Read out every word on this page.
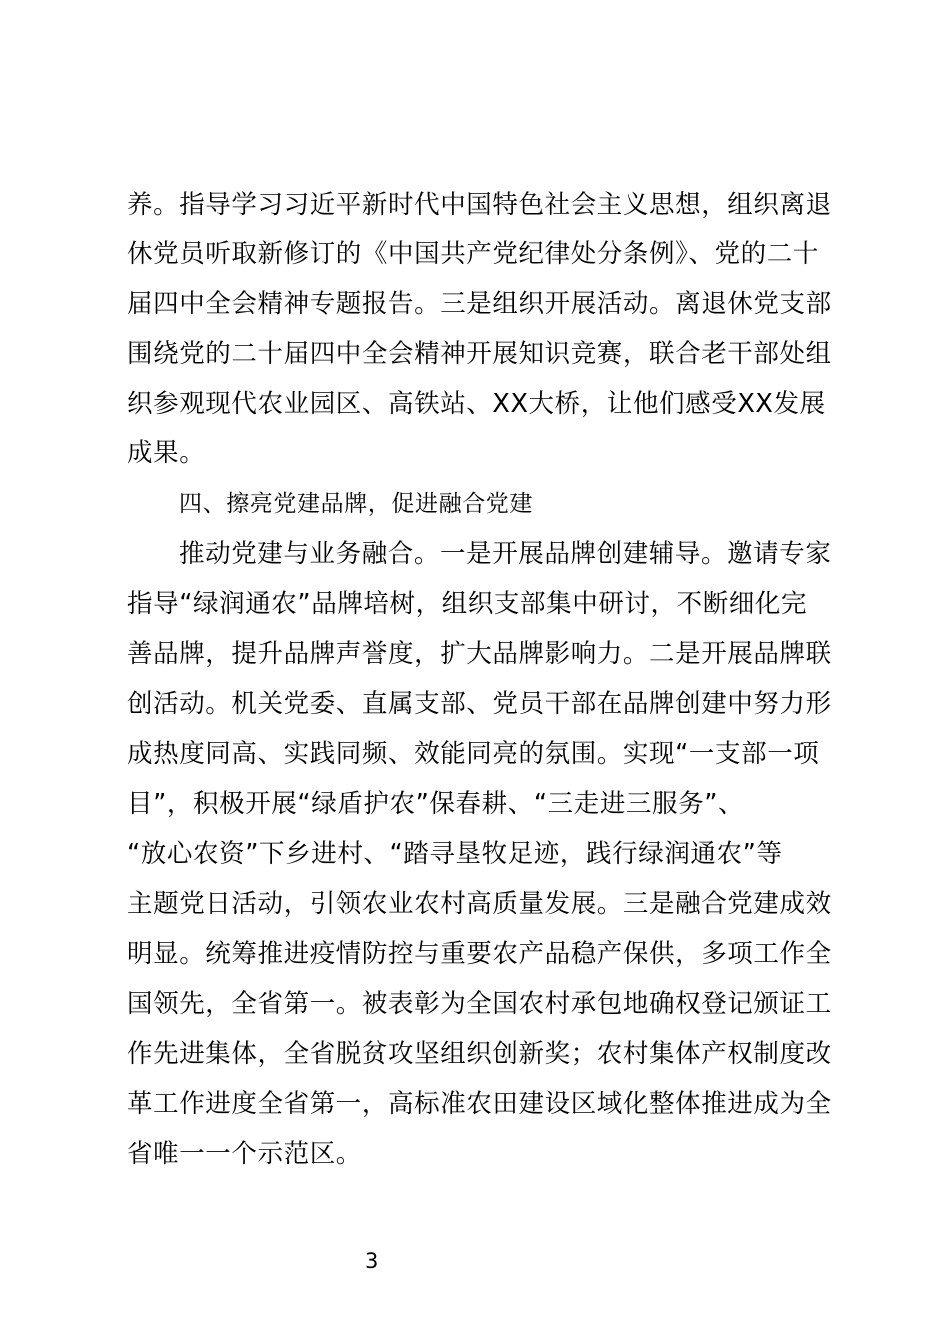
养。指导学习习近平新时代中国特色社会主义思想，组织离退
休党员听取新修订的《中国共产党纪律处分条例》、党的二十
届四中全会精神专题报告。三是组织开展活动。离退休党支部
围绕党的二十届四中全会精神开展知识竞赛，联合老干部处组
织参观现代农业园区、高铁站、XX大桥，让他们感受XX发展
成果。
四、擦亮党建品牌，促进融合党建
推动党建与业务融合。一是开展品牌创建辅导。邀请专家
指导“绿润通农”品牌培树，组织支部集中研讨，不断细化完
善品牌，提升品牌声誉度，扩大品牌影响力。二是开展品牌联
创活动。机关党委、直属支部、党员干部在品牌创建中努力形
成热度同高、实践同频、效能同亮的氛围。实现“一支部一项
目”，积极开展“绿盾护农”保春耕、“三走进三服务”、
“放心农资”下乡进村、“踏寻垦牧足迹，践行绿润通农”等
主题党日活动，引领农业农村高质量发展。三是融合党建成效
明显。统筹推进疫情防控与重要农产品稳产保供，多项工作全
国领先，全省第一。被表彰为全国农村承包地确权登记颁证工
作先进集体，全省脱贫攻坚组织创新奖；农村集体产权制度改
革工作进度全省第一，高标准农田建设区域化整体推进成为全
省唯一一个示范区。
3
